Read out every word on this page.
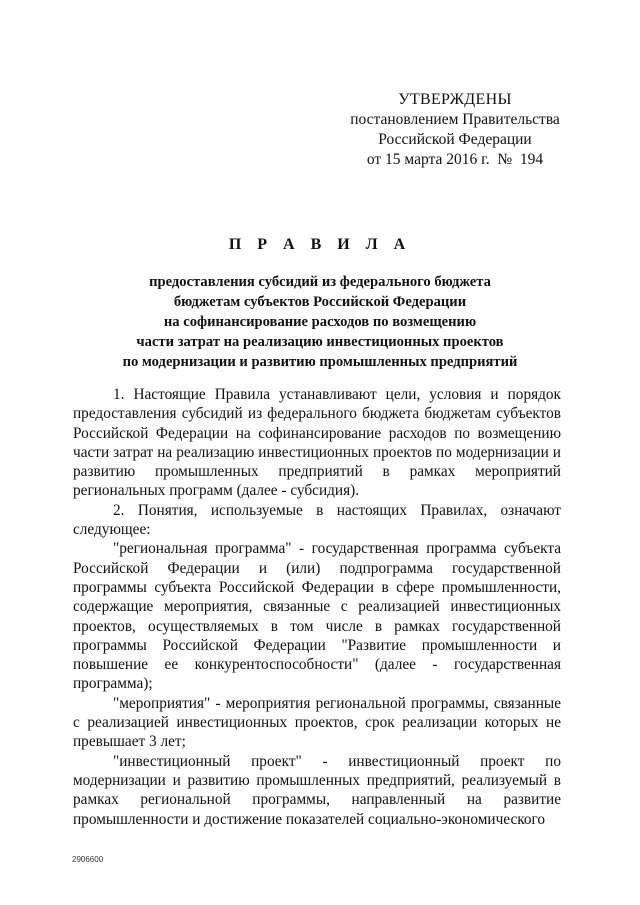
УТВЕРЖДЕНЫ
постановлением Правительства
Российской Федерации
от 15 марта 2016 г.  №  194
П Р А В И Л А
предоставления субсидий из федерального бюджета
бюджетам субъектов Российской Федерации
на софинансирование расходов по возмещению
части затрат на реализацию инвестиционных проектов
по модернизации и развитию промышленных предприятий

1. Настоящие Правила устанавливают цели, условия и порядок предоставления субсидий из федерального бюджета бюджетам субъектов Российской Федерации на софинансирование расходов по возмещению части затрат на реализацию инвестиционных проектов по модернизации и развитию промышленных предприятий в рамках мероприятий региональных программ (далее - субсидия).

2. Понятия, используемые в настоящих Правилах, означают следующее:

"региональная программа" - государственная программа субъекта Российской Федерации и (или) подпрограмма государственной программы субъекта Российской Федерации в сфере промышленности, содержащие мероприятия, связанные с реализацией инвестиционных проектов, осуществляемых в том числе в рамках государственной программы Российской Федерации "Развитие промышленности и повышение ее конкурентоспособности" (далее - государственная программа);

"мероприятия" - мероприятия региональной программы, связанные с реализацией инвестиционных проектов, срок реализации которых не превышает 3 лет;

"инвестиционный проект" - инвестиционный проект по модернизации и развитию промышленных предприятий, реализуемый в рамках региональной программы, направленный на развитие промышленности и достижение показателей социально-экономического

2906600
